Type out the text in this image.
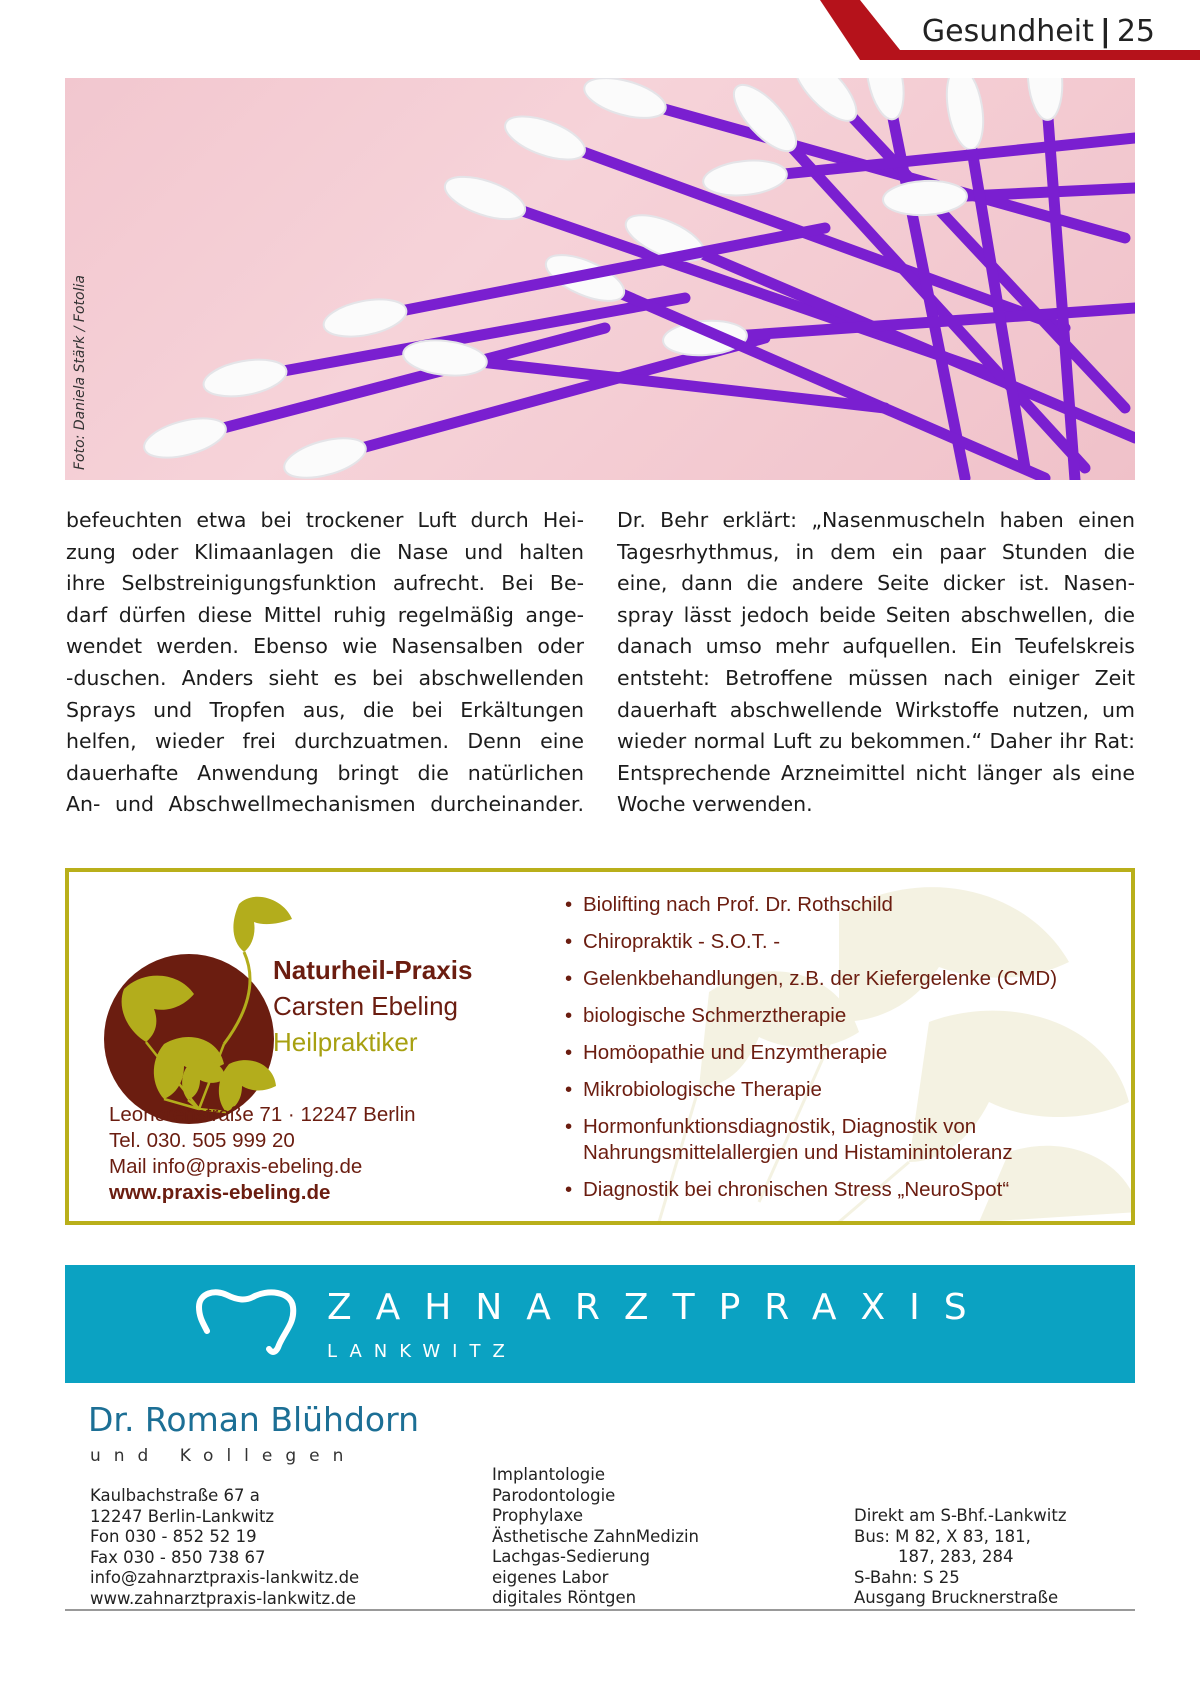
Gesundheit | 25
Foto: Daniela Stärk / Fotolia

befeuchten etwa bei trockener Luft durch Hei-

zung oder Klimaanlagen die Nase und halten

ihre Selbstreinigungsfunktion aufrecht. Bei Be-

darf dürfen diese Mittel ruhig regelmäßig ange-

wendet werden. Ebenso wie Nasensalben oder

-duschen. Anders sieht es bei abschwellenden

Sprays und Tropfen aus, die bei Erkältungen

helfen, wieder frei durchzuatmen. Denn eine

dauerhafte Anwendung bringt die natürlichen

An- und Abschwellmechanismen durcheinander.

Dr. Behr erklärt: „Nasenmuscheln haben einen

Tagesrhythmus, in dem ein paar Stunden die

eine, dann die andere Seite dicker ist. Nasen-

spray lässt jedoch beide Seiten abschwellen, die

danach umso mehr aufquellen. Ein Teufelskreis

entsteht: Betroffene müssen nach einiger Zeit

dauerhaft abschwellende Wirkstoffe nutzen, um

wieder normal Luft zu bekommen.“ Daher ihr Rat:

Entsprechende Arzneimittel nicht länger als eine

Woche verwenden.

Naturheil-Praxis
Carsten Ebeling
Heilpraktiker
Leonorenstraße 71 · 12247 Berlin
Tel. 030. 505 999 20
Mail info@praxis-ebeling.de
www.praxis-ebeling.de
• Biolifting nach Prof. Dr. Rothschild
• Chiropraktik - S.O.T. -
• Gelenkbehandlungen, z.B. der Kiefergelenke (CMD)
• biologische Schmerztherapie
• Homöopathie und Enzymtherapie
• Mikrobiologische Therapie
• Hormonfunktionsdiagnostik, Diagnostik von
Nahrungsmittelallergien und Histaminintoleranz
• Diagnostik bei chronischen Stress „NeuroSpot“
ZAHNARZTPRAXIS
LANKWITZ
Dr. Roman Blühdorn
und Kollegen
Kaulbachstraße 67 a
12247 Berlin-Lankwitz
Fon 030 - 852 52 19
Fax 030 - 850 738 67
info@zahnarztpraxis-lankwitz.de
www.zahnarztpraxis-lankwitz.de
Implantologie
Parodontologie
Prophylaxe
Ästhetische ZahnMedizin
Lachgas-Sedierung
eigenes Labor
digitales Röntgen
Direkt am S-Bhf.-Lankwitz
Bus: M 82, X 83, 181,
187, 283, 284
S-Bahn: S 25
Ausgang Brucknerstraße
